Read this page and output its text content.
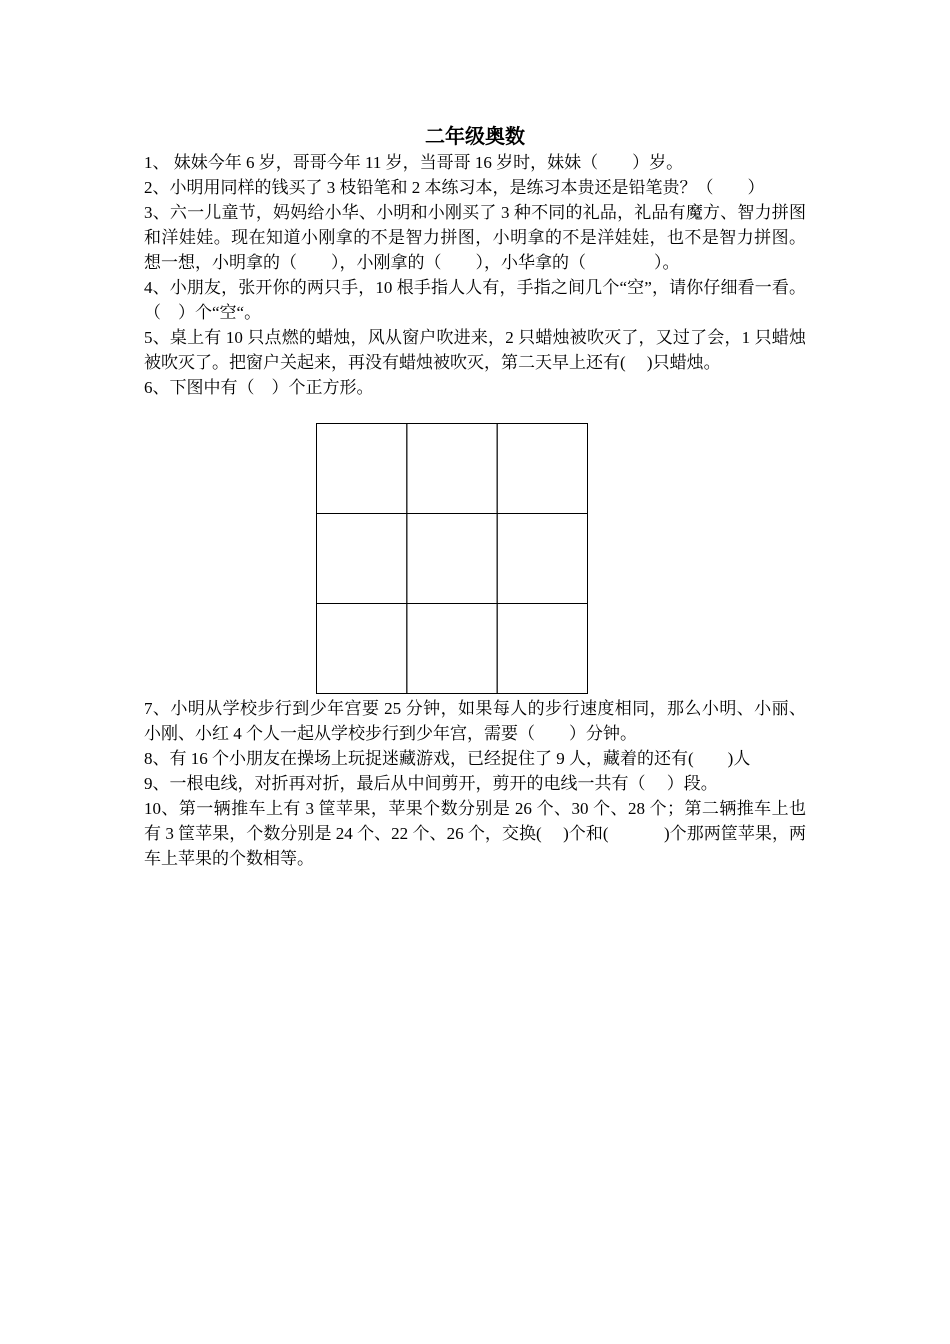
二年级奥数
1、 妹妹今年 6 岁，哥哥今年 11 岁，当哥哥 16 岁时，妹妹（　　）岁。
2、小明用同样的钱买了 3 枝铅笔和 2 本练习本，是练习本贵还是铅笔贵？（　　）
3、六一儿童节，妈妈给小华、小明和小刚买了 3 种不同的礼品，礼品有魔方、智力拼图和洋娃娃。现在知道小刚拿的不是智力拼图，小明拿的不是洋娃娃，也不是智力拼图。想一想，小明拿的（　　），小刚拿的（　　），小华拿的（　　　　）。
4、小朋友，张开你的两只手，10 根手指人人有，手指之间几个“空”，请你仔细看一看。（　）个“空“。
5、桌上有 10 只点燃的蜡烛，风从窗户吹进来，2 只蜡烛被吹灭了，又过了会，1 只蜡烛被吹灭了。把窗户关起来，再没有蜡烛被吹灭，第二天早上还有(　 )只蜡烛。
6、下图中有（　）个正方形。
7、小明从学校步行到少年宫要 25 分钟，如果每人的步行速度相同，那么小明、小丽、小刚、小红 4 个人一起从学校步行到少年宫，需要（　　）分钟。
8、有 16 个小朋友在操场上玩捉迷藏游戏，已经捉住了 9 人，藏着的还有(　　)人
9、一根电线，对折再对折，最后从中间剪开，剪开的电线一共有（　 ）段。
10、第一辆推车上有 3 筐苹果，苹果个数分别是 26 个、30 个、28 个；第二辆推车上也有 3 筐苹果，个数分别是 24 个、22 个、26 个，交换(　 )个和(　　　 )个那两筐苹果，两车上苹果的个数相等。
